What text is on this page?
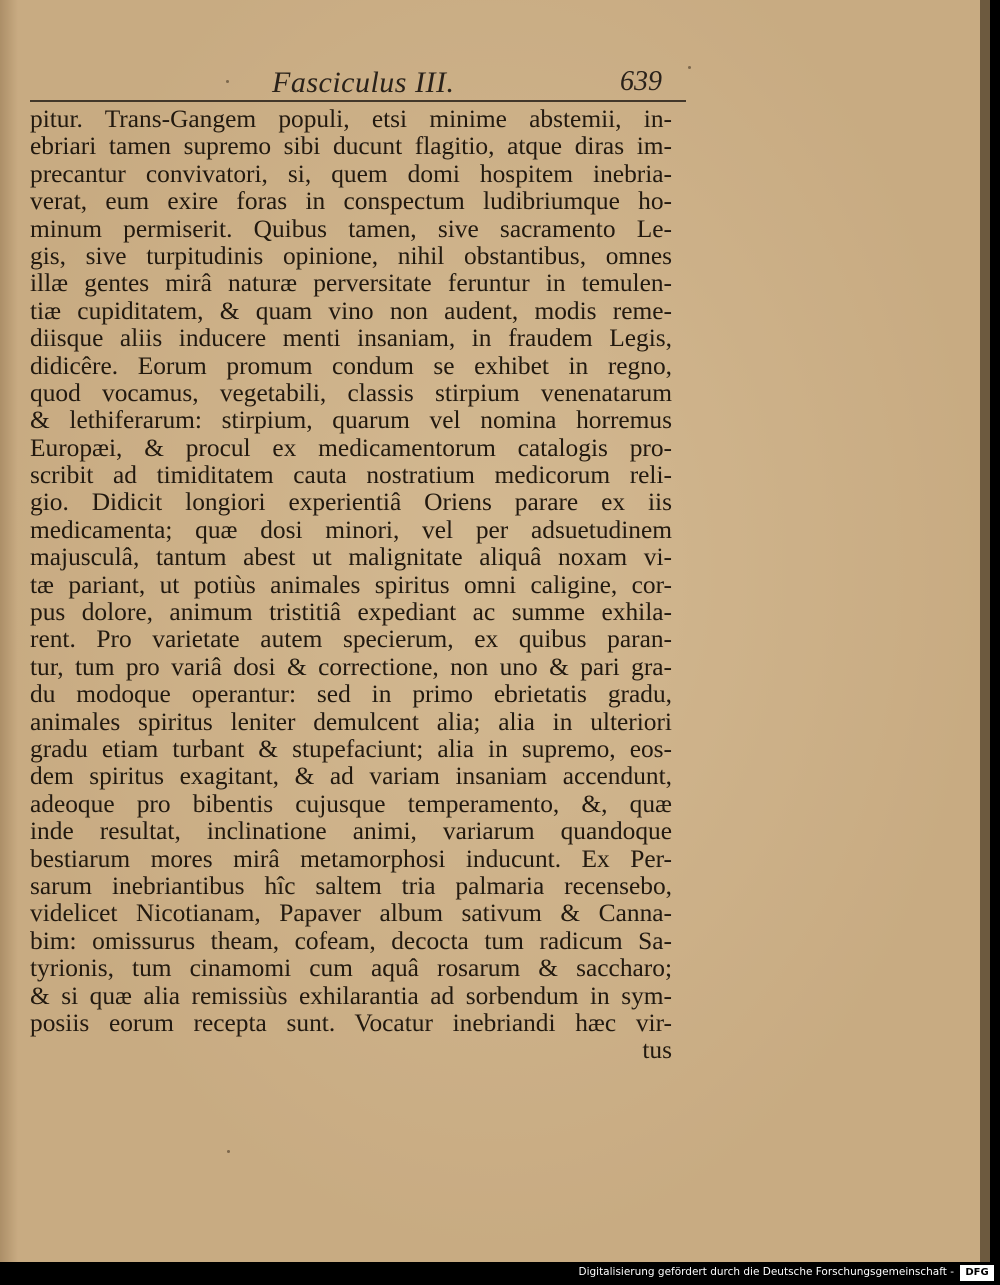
Fasciculus III.	639
pitur. Trans-Gangem populi, etsi minime abstemii, in-
ebriari tamen supremo sibi ducunt flagitio, atque diras im-
precantur convivatori, si, quem domi hospitem inebria-
verat, eum exire foras in conspectum ludibriumque ho-
minum permiserit. Quibus tamen, sive sacramento Le-
gis, sive turpitudinis opinione, nihil obstantibus, omnes
illæ gentes mirâ naturæ perversitate feruntur in temulen-
tiæ cupiditatem, & quam vino non audent, modis reme-
diisque aliis inducere menti insaniam, in fraudem Legis,
didicêre. Eorum promum condum se exhibet in regno,
quod vocamus, vegetabili, classis stirpium venenatarum
& lethiferarum: stirpium, quarum vel nomina horremus
Europæi, & procul ex medicamentorum catalogis pro-
scribit ad timiditatem cauta nostratium medicorum reli-
gio. Didicit longiori experientiâ Oriens parare ex iis
medicamenta; quæ dosi minori, vel per adsuetudinem
majusculâ, tantum abest ut malignitate aliquâ noxam vi-
tæ pariant, ut potiùs animales spiritus omni caligine, cor-
pus dolore, animum tristitiâ expediant ac summe exhila-
rent. Pro varietate autem specierum, ex quibus paran-
tur, tum pro variâ dosi & correctione, non uno & pari gra-
du modoque operantur: sed in primo ebrietatis gradu,
animales spiritus leniter demulcent alia; alia in ulteriori
gradu etiam turbant & stupefaciunt; alia in supremo, eos-
dem spiritus exagitant, & ad variam insaniam accendunt,
adeoque pro bibentis cujusque temperamento, &, quæ
inde resultat, inclinatione animi, variarum quandoque
bestiarum mores mirâ metamorphosi inducunt. Ex Per-
sarum inebriantibus hîc saltem tria palmaria recensebo,
videlicet Nicotianam, Papaver album sativum & Canna-
bim: omissurus theam, cofeam, decocta tum radicum Sa-
tyrionis, tum cinamomi cum aquâ rosarum & saccharo;
& si quæ alia remissiùs exhilarantia ad sorbendum in sym-
posiis eorum recepta sunt. Vocatur inebriandi hæc vir-
tus
Digitalisierung gefördert durch die Deutsche Forschungsgemeinschaft -	DFG
